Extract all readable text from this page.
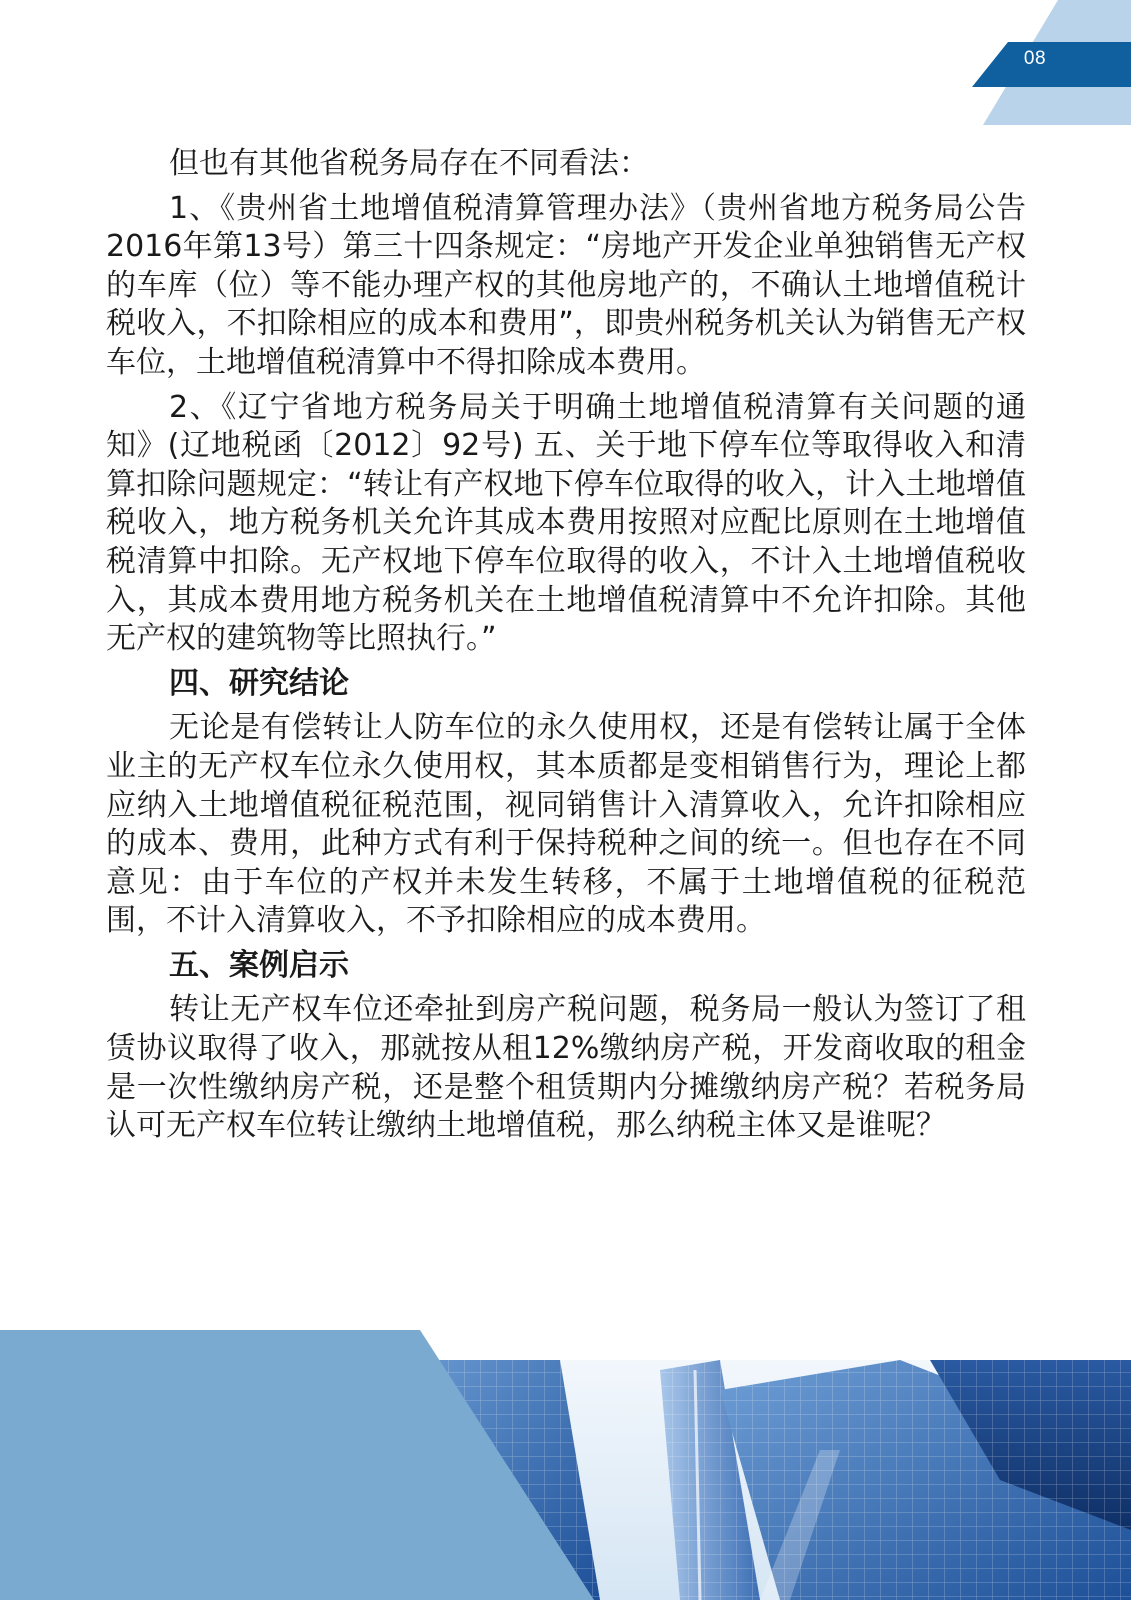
08

但也有其他省税务局存在不同看法：

1、《贵州省土地增值税清算管理办法》（贵州省地方税务局公告2016年第13号）第三十四条规定：“房地产开发企业单独销售无产权的车库（位）等不能办理产权的其他房地产的，不确认土地增值税计税收入，不扣除相应的成本和费用”，即贵州税务机关认为销售无产权车位，土地增值税清算中不得扣除成本费用。

2、《辽宁省地方税务局关于明确土地增值税清算有关问题的通知》(辽地税函〔2012〕92号) 五、关于地下停车位等取得收入和清算扣除问题规定：“转让有产权地下停车位取得的收入，计入土地增值税收入，地方税务机关允许其成本费用按照对应配比原则在土地增值税清算中扣除。无产权地下停车位取得的收入，不计入土地增值税收入，其成本费用地方税务机关在土地增值税清算中不允许扣除。其他无产权的建筑物等比照执行。”

四、研究结论

无论是有偿转让人防车位的永久使用权，还是有偿转让属于全体业主的无产权车位永久使用权，其本质都是变相销售行为，理论上都应纳入土地增值税征税范围，视同销售计入清算收入，允许扣除相应的成本、费用，此种方式有利于保持税种之间的统一。但也存在不同意见：由于车位的产权并未发生转移，不属于土地增值税的征税范围，不计入清算收入，不予扣除相应的成本费用。

五、案例启示

转让无产权车位还牵扯到房产税问题，税务局一般认为签订了租赁协议取得了收入，那就按从租12%缴纳房产税，开发商收取的租金是一次性缴纳房产税，还是整个租赁期内分摊缴纳房产税？若税务局认可无产权车位转让缴纳土地增值税，那么纳税主体又是谁呢？
